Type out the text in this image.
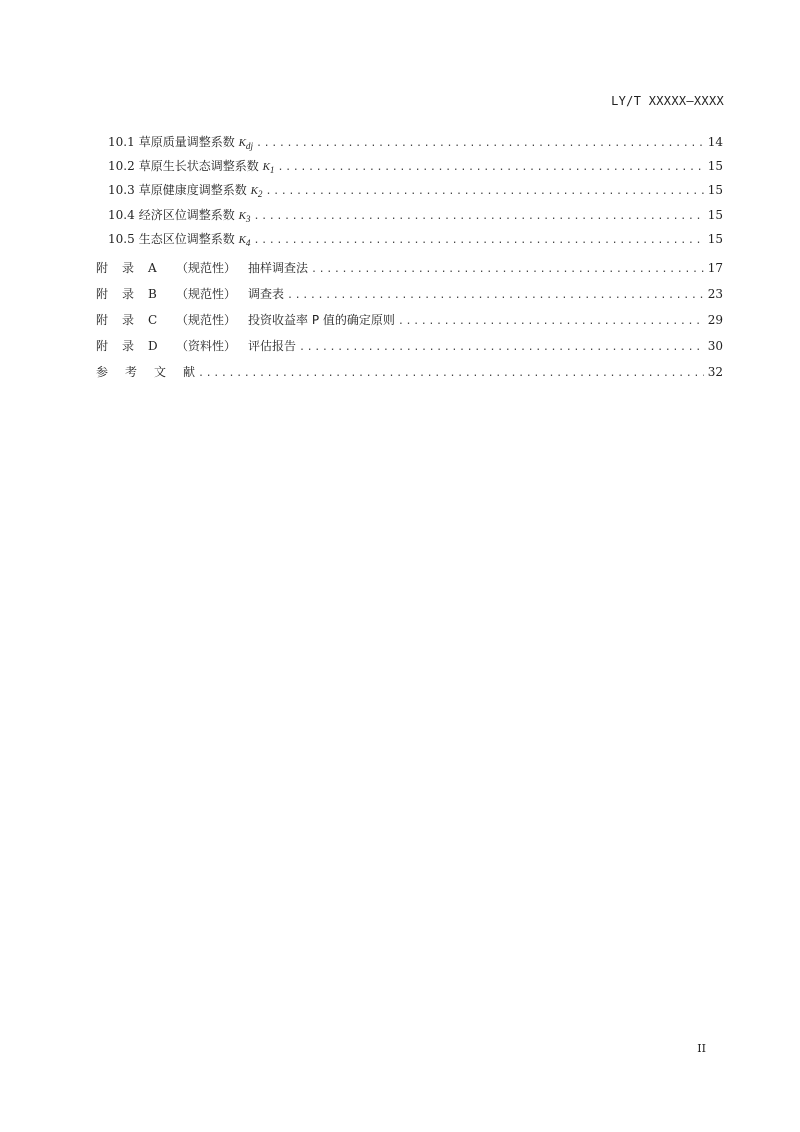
LY/T XXXXX—XXXX
10.1 草原质量调整系数 $K_{dj}$ .....	14
10.2 草原生长状态调整系数 $K_1$ .....	15
10.3 草原健康度调整系数 $K_2$ .....	15
10.4 经济区位调整系数 $K_3$ .....	15
10.5 生态区位调整系数 $K_4$ .....	15
附 录 A （规范性） 抽样调查法 .....	17
附 录 B （规范性） 调查表 .....	23
附 录 C （规范性） 投资收益率 P 值的确定原则 .....	29
附 录 D （资料性） 评估报告 .....	30
参 考 文 献 .....	32
II
